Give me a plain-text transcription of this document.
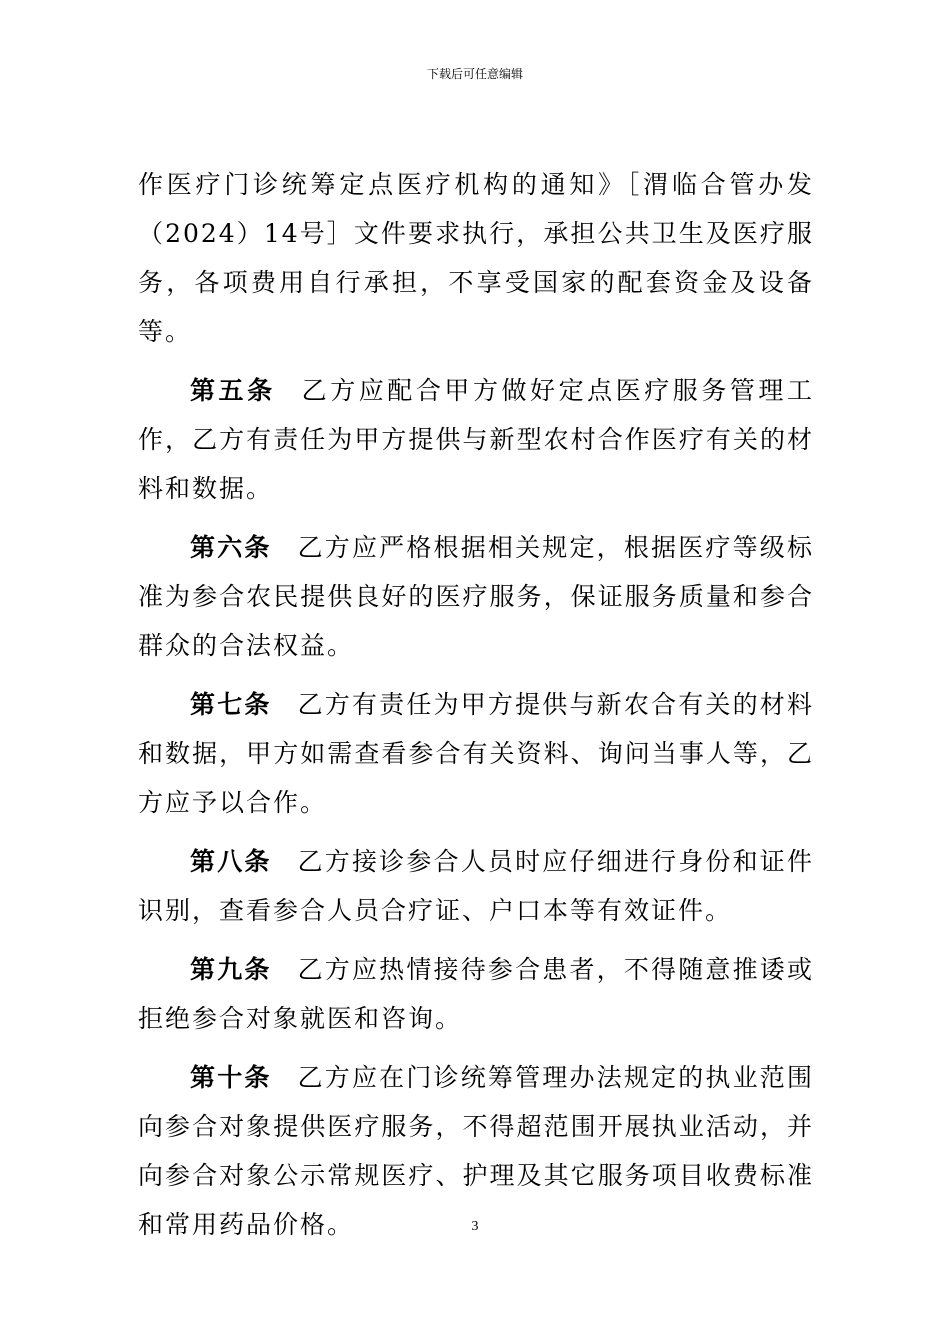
下载后可任意编辑

作医疗门诊统筹定点医疗机构的通知》［渭临合管办发（2024）14号］文件要求执行，承担公共卫生及医疗服务，各项费用自行承担，不享受国家的配套资金及设备等。

第五条 乙方应配合甲方做好定点医疗服务管理工作，乙方有责任为甲方提供与新型农村合作医疗有关的材料和数据。

第六条 乙方应严格根据相关规定，根据医疗等级标准为参合农民提供良好的医疗服务，保证服务质量和参合群众的合法权益。

第七条 乙方有责任为甲方提供与新农合有关的材料和数据，甲方如需查看参合有关资料、询问当事人等，乙方应予以合作。

第八条 乙方接诊参合人员时应仔细进行身份和证件识别，查看参合人员合疗证、户口本等有效证件。

第九条 乙方应热情接待参合患者，不得随意推诿或拒绝参合对象就医和咨询。

第十条 乙方应在门诊统筹管理办法规定的执业范围向参合对象提供医疗服务，不得超范围开展执业活动，并向参合对象公示常规医疗、护理及其它服务项目收费标准和常用药品价格。	3
